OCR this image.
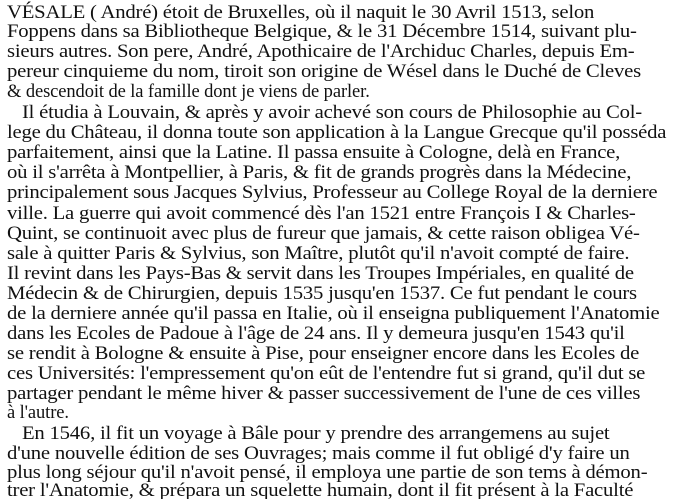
VÉSALE ( André) étoit de Bruxelles, où il naquit le 30 Avril 1513, selon
Foppens dans sa Bibliotheque Belgique, & le 31 Décembre 1514, suivant plu-
sieurs autres. Son pere, André, Apothicaire de l'Archiduc Charles, depuis Em-
pereur cinquieme du nom, tiroit son origine de Wésel dans le Duché de Cleves
& descendoit de la famille dont je viens de parler.
Il étudia à Louvain, & après y avoir achevé son cours de Philosophie au Col-
lege du Château, il donna toute son application à la Langue Grecque qu'il posséda
parfaitement, ainsi que la Latine. Il passa ensuite à Cologne, delà en France,
où il s'arrêta à Montpellier, à Paris, & fit de grands progrès dans la Médecine,
principalement sous Jacques Sylvius, Professeur au College Royal de la derniere
ville. La guerre qui avoit commencé dès l'an 1521 entre François I & Charles-
Quint, se continuoit avec plus de fureur que jamais, & cette raison obligea Vé-
sale à quitter Paris & Sylvius, son Maître, plutôt qu'il n'avoit compté de faire.
Il revint dans les Pays-Bas & servit dans les Troupes Impériales, en qualité de
Médecin & de Chirurgien, depuis 1535 jusqu'en 1537. Ce fut pendant le cours
de la derniere année qu'il passa en Italie, où il enseigna publiquement l'Anatomie
dans les Ecoles de Padoue à l'âge de 24 ans. Il y demeura jusqu'en 1543 qu'il
se rendit à Bologne & ensuite à Pise, pour enseigner encore dans les Ecoles de
ces Universités: l'empressement qu'on eût de l'entendre fut si grand, qu'il dut se
partager pendant le même hiver & passer successivement de l'une de ces villes
à l'autre.
En 1546, il fit un voyage à Bâle pour y prendre des arrangemens au sujet
d'une nouvelle édition de ses Ouvrages; mais comme il fut obligé d'y faire un
plus long séjour qu'il n'avoit pensé, il employa une partie de son tems à démon-
trer l'Anatomie, & prépara un squelette humain, dont il fit présent à la Faculté
